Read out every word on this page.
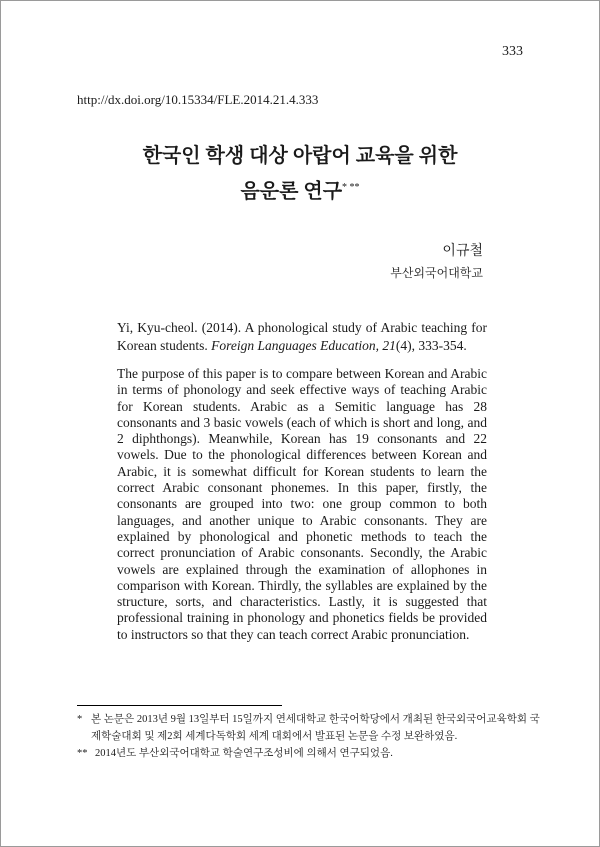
333
http://dx.doi.org/10.15334/FLE.2014.21.4.333
한국인 학생 대상 아랍어 교육을 위한
음운론 연구* **
이규철
부산외국어대학교
Yi, Kyu-cheol. (2014). A phonological study of Arabic teaching for Korean students. Foreign Languages Education, 21(4), 333-354.
The purpose of this paper is to compare between Korean and Arabic in terms of phonology and seek effective ways of teaching Arabic for Korean students. Arabic as a Semitic language has 28 consonants and 3 basic vowels (each of which is short and long, and 2 diphthongs). Meanwhile, Korean has 19 consonants and 22 vowels. Due to the phonological differences between Korean and Arabic, it is somewhat difficult for Korean students to learn the correct Arabic consonant phonemes. In this paper, firstly, the consonants are grouped into two: one group common to both languages, and another unique to Arabic consonants. They are explained by phonological and phonetic methods to teach the correct pronunciation of Arabic consonants. Secondly, the Arabic vowels are explained through the examination of allophones in comparison with Korean. Thirdly, the syllables are explained by the structure, sorts, and characteristics. Lastly, it is suggested that professional training in phonology and phonetics fields be provided to instructors so that they can teach correct Arabic pronunciation.
* 본 논문은 2013년 9월 13일부터 15일까지 연세대학교 한국어학당에서 개최된 한국외국어교육학회 국제학술대회 및 제2회 세계다독학회 세계 대회에서 발표된 논문을 수정 보완하였음.
** 2014년도 부산외국어대학교 학술연구조성비에 의해서 연구되었음.
